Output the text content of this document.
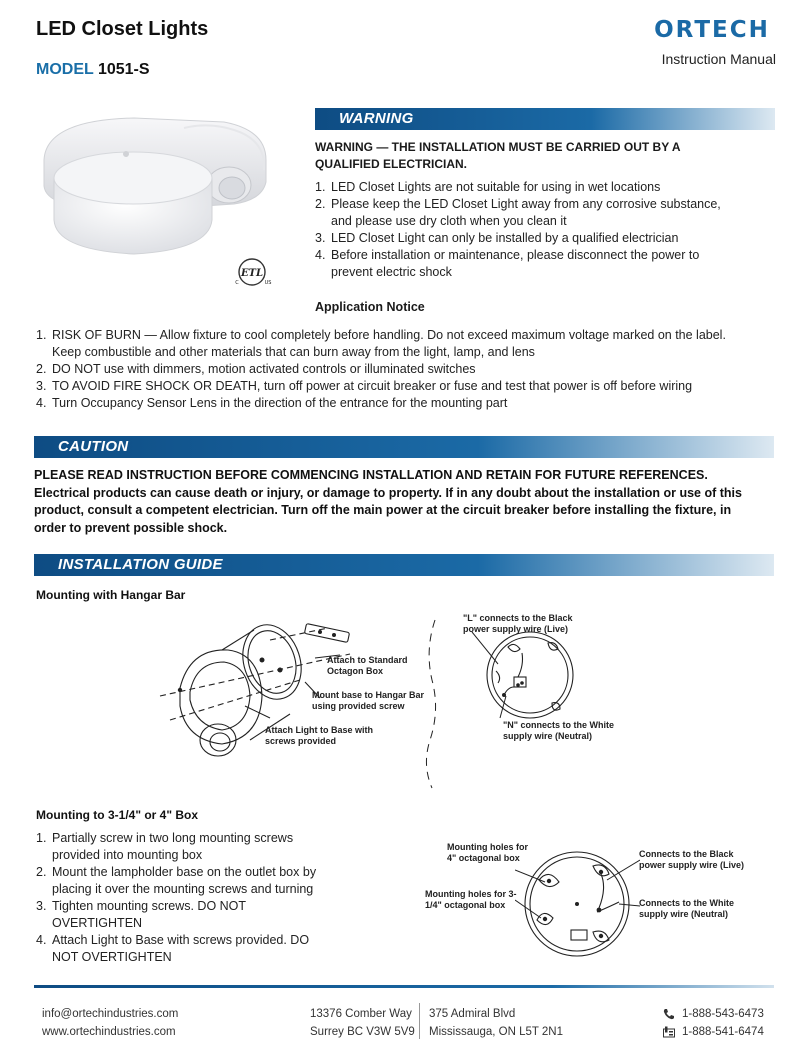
LED Closet Lights
MODEL 1051-S
ORTECH
Instruction Manual
ETL
C	US
WARNING
WARNING — THE INSTALLATION MUST BE CARRIED OUT BY A QUALIFIED ELECTRICIAN.
1. LED Closet Lights are not suitable for using in wet locations
2. Please keep the LED Closet Light away from any corrosive substance, and please use dry cloth when you clean it
3. LED Closet Light can only be installed by a qualified electrician
4. Before installation or maintenance, please disconnect the power to prevent electric shock
Application Notice
1. RISK OF BURN — Allow fixture to cool completely before handling. Do not exceed maximum voltage marked on the label. Keep combustible and other materials that can burn away from the light, lamp, and lens
2. DO NOT use with dimmers, motion activated controls or illuminated switches
3. TO AVOID FIRE SHOCK OR DEATH, turn off power at circuit breaker or fuse and test that power is off before wiring
4. Turn Occupancy Sensor Lens in the direction of the entrance for the mounting part
CAUTION
PLEASE READ INSTRUCTION BEFORE COMMENCING INSTALLATION AND RETAIN FOR FUTURE REFERENCES. Electrical products can cause death or injury, or damage to property. If in any doubt about the installation or use of this product, consult a competent electrician. Turn off the main power at the circuit breaker before installing the fixture, in order to prevent possible shock.
INSTALLATION GUIDE
Mounting with Hangar Bar
Attach to Standard Octagon Box
Mount base to Hangar Bar using provided screw
Attach Light to Base with screws provided
"L" connects to the Black power supply wire (Live)
"N" connects to the White supply wire (Neutral)
Mounting to 3-1/4" or 4" Box
1. Partially screw in two long mounting screws provided into mounting box
2. Mount the lampholder base on the outlet box by placing it over the mounting screws and turning
3. Tighten mounting screws. DO NOT OVERTIGHTEN
4. Attach Light to Base with screws provided. DO NOT OVERTIGHTEN
Mounting holes for 4" octagonal box
Mounting holes for 3-1/4" octagonal box
Connects to the Black power supply wire (Live)
Connects to the White supply wire (Neutral)
info@ortechindustries.com
www.ortechindustries.com
13376 Comber Way
Surrey BC V3W 5V9
375 Admiral Blvd
Mississauga, ON L5T 2N1
1-888-543-6473
1-888-541-6474
